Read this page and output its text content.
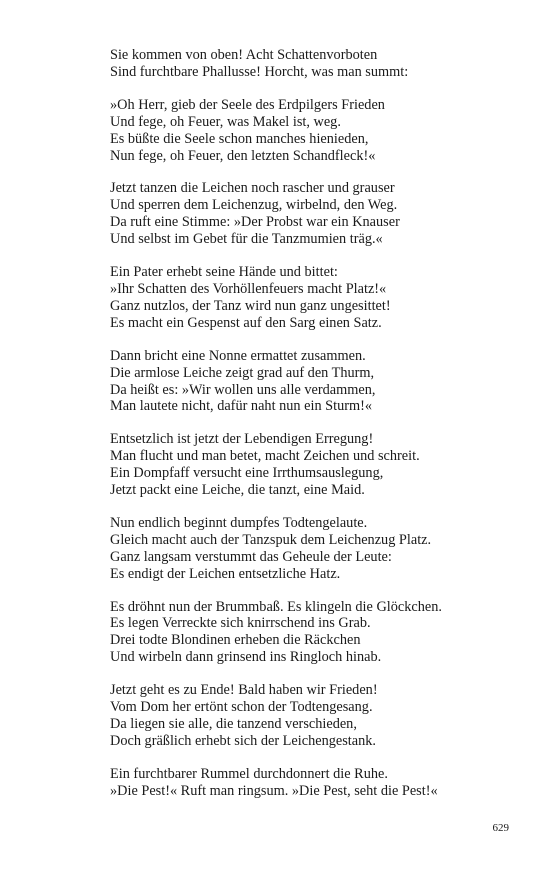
Sie kommen von oben! Acht Schattenvorboten
Sind furchtbare Phallusse! Horcht, was man summt:
»Oh Herr, gieb der Seele des Erdpilgers Frieden
Und fege, oh Feuer, was Makel ist, weg.
Es büßte die Seele schon manches hienieden,
Nun fege, oh Feuer, den letzten Schandfleck!«
Jetzt tanzen die Leichen noch rascher und grauser
Und sperren dem Leichenzug, wirbelnd, den Weg.
Da ruft eine Stimme: »Der Probst war ein Knauser
Und selbst im Gebet für die Tanzmumien träg.«
Ein Pater erhebt seine Hände und bittet:
»Ihr Schatten des Vorhöllenfeuers macht Platz!«
Ganz nutzlos, der Tanz wird nun ganz ungesittet!
Es macht ein Gespenst auf den Sarg einen Satz.
Dann bricht eine Nonne ermattet zusammen.
Die armlose Leiche zeigt grad auf den Thurm,
Da heißt es: »Wir wollen uns alle verdammen,
Man lautete nicht, dafür naht nun ein Sturm!«
Entsetzlich ist jetzt der Lebendigen Erregung!
Man flucht und man betet, macht Zeichen und schreit.
Ein Dompfaff versucht eine Irrthumsauslegung,
Jetzt packt eine Leiche, die tanzt, eine Maid.
Nun endlich beginnt dumpfes Todtengelaute.
Gleich macht auch der Tanzspuk dem Leichenzug Platz.
Ganz langsam verstummt das Geheule der Leute:
Es endigt der Leichen entsetzliche Hatz.
Es dröhnt nun der Brummbaß. Es klingeln die Glöckchen.
Es legen Verreckte sich knirrschend ins Grab.
Drei todte Blondinen erheben die Räckchen
Und wirbeln dann grinsend ins Ringloch hinab.
Jetzt geht es zu Ende! Bald haben wir Frieden!
Vom Dom her ertönt schon der Todtengesang.
Da liegen sie alle, die tanzend verschieden,
Doch gräßlich erhebt sich der Leichengestank.
Ein furchtbarer Rummel durchdonnert die Ruhe.
»Die Pest!« Ruft man ringsum. »Die Pest, seht die Pest!«
629
